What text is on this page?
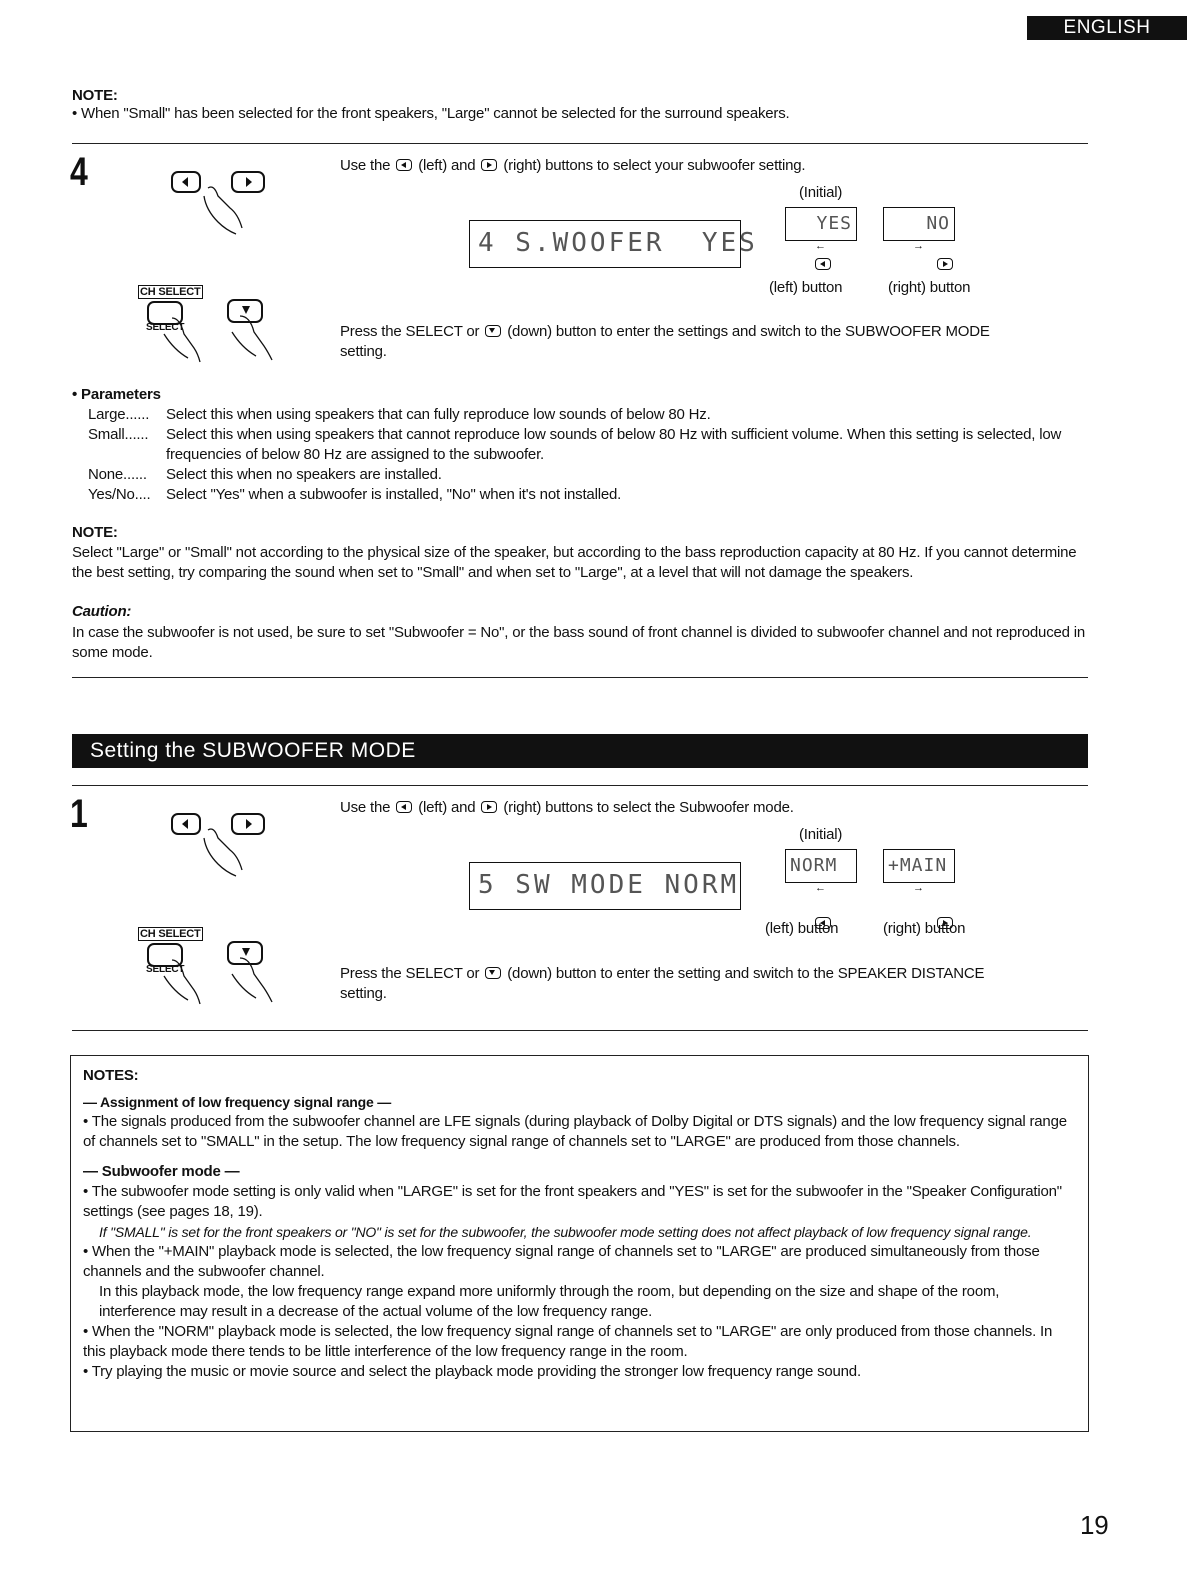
ENGLISH
NOTE:
• When "Small" has been selected for the front speakers, "Large" cannot be selected for the surround speakers.
4
CH SELECT
SELECT
Use the (left) and (right) buttons to select your subwoofer setting.
(Initial)
4 S.WOOFER  YES
YES	NO
←	→

(left) button	(right) button
Press the SELECT or (down) button to enter the settings and switch to the SUBWOOFER MODE
setting.
• Parameters
Large......	Select this when using speakers that can fully reproduce low sounds of below 80 Hz.
Small......	Select this when using speakers that cannot reproduce low sounds of below 80 Hz with sufficient volume. When this setting is selected, low frequencies of below 80 Hz are assigned to the subwoofer.
None......	Select this when no speakers are installed.
Yes/No....	Select "Yes" when a subwoofer is installed, "No" when it's not installed.
NOTE:
Select "Large" or "Small" not according to the physical size of the speaker, but according to the bass reproduction capacity at 80 Hz. If you cannot determine the best setting, try comparing the sound when set to "Small" and when set to "Large", at a level that will not damage the speakers.
Caution:
In case the subwoofer is not used, be sure to set "Subwoofer = No", or the bass sound of front channel is divided to subwoofer channel and not reproduced in some mode.
Setting the SUBWOOFER MODE
1
CH SELECT
SELECT
Use the (left) and (right) buttons to select the Subwoofer mode.
(Initial)
5 SW MODE NORM
NORM	+MAIN
←	→

(left) button	(right) button
Press the SELECT or (down) button to enter the setting and switch to the SPEAKER DISTANCE
setting.

NOTES:

— Assignment of low frequency signal range —

• The signals produced from the subwoofer channel are LFE signals (during playback of Dolby Digital or DTS signals) and the low frequency signal range of channels set to "SMALL" in the setup. The low frequency signal range of channels set to "LARGE" are produced from those channels.

— Subwoofer mode —

• The subwoofer mode setting is only valid when "LARGE" is set for the front speakers and "YES" is set for the subwoofer in the "Speaker Configuration" settings (see pages 18, 19).

If "SMALL" is set for the front speakers or "NO" is set for the subwoofer, the subwoofer mode setting does not affect playback of low frequency signal range.

• When the "+MAIN" playback mode is selected, the low frequency signal range of channels set to "LARGE" are produced simultaneously from those channels and the subwoofer channel.

In this playback mode, the low frequency range expand more uniformly through the room, but depending on the size and shape of the room, interference may result in a decrease of the actual volume of the low frequency range.

• When the "NORM" playback mode is selected, the low frequency signal range of channels set to "LARGE" are only produced from those channels. In this playback mode there tends to be little interference of the low frequency range in the room.

• Try playing the music or movie source and select the playback mode providing the stronger low frequency range sound.

19
